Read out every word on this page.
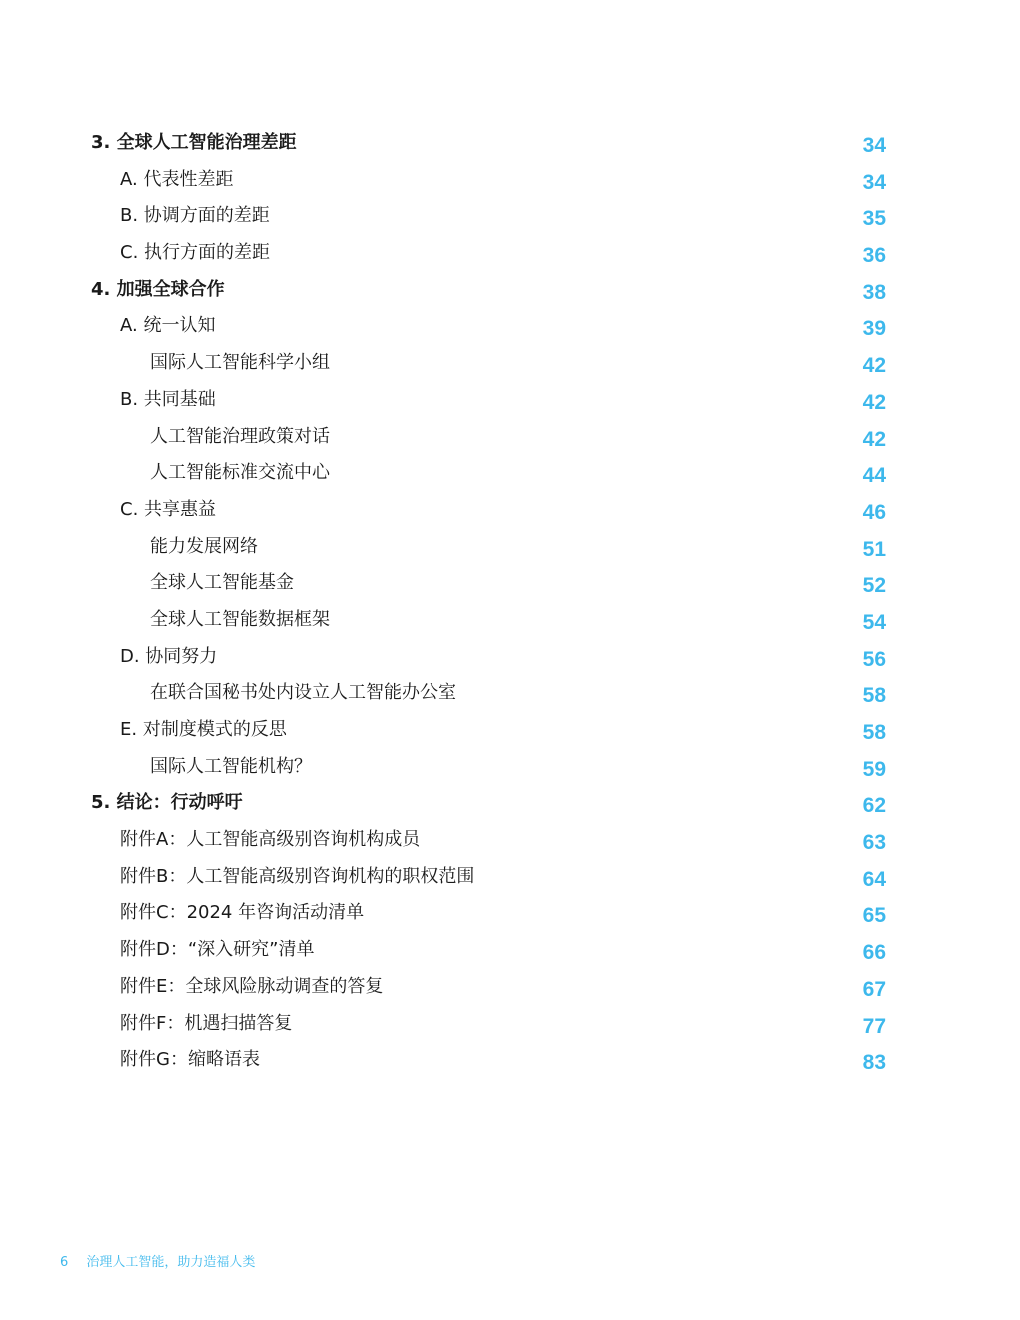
3. 全球人工智能治理差距	34
A. 代表性差距	34
B. 协调方面的差距	35
C. 执行方面的差距	36
4. 加强全球合作	38
A. 统一认知	39
国际人工智能科学小组	42
B. 共同基础	42
人工智能治理政策对话	42
人工智能标准交流中心	44
C. 共享惠益	46
能力发展网络	51
全球人工智能基金	52
全球人工智能数据框架	54
D. 协同努力	56
在联合国秘书处内设立人工智能办公室	58
E. 对制度模式的反思	58
国际人工智能机构？	59
5. 结论：行动呼吁	62
附件A：人工智能高级别咨询机构成员	63
附件B：人工智能高级别咨询机构的职权范围	64
附件C：2024 年咨询活动清单	65
附件D：“深入研究”清单	66
附件E：全球风险脉动调查的答复	67
附件F：机遇扫描答复	77
附件G：缩略语表	83
6 治理人工智能，助力造福人类
